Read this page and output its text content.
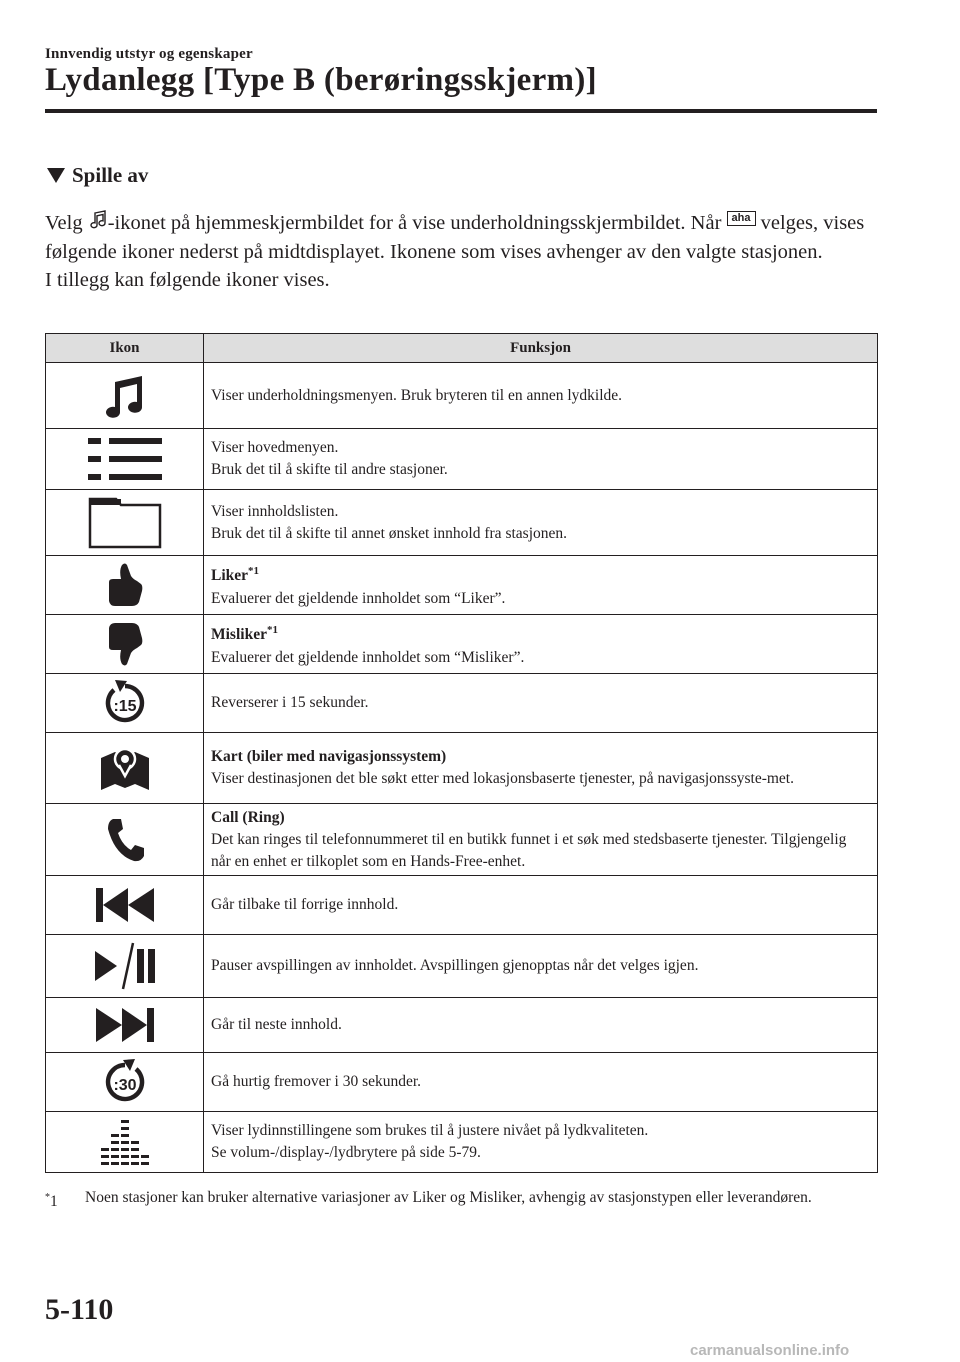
Innvendig utstyr og egenskaper
Lydanlegg [Type B (berøringsskjerm)]
Spille av

Velg -ikonet på hjemmeskjermbildet for å vise underholdningsskjermbildet. Når aha velges, vises følgende ikoner nederst på midtdisplayet. Ikonene som vises avhenger av den valgte stasjonen.

I tillegg kan følgende ikoner vises.

Ikon	Funksjon

Viser underholdningsmenyen. Bruk bryteren til en annen lydkilde.

Viser hovedmenyen.
Bruk det til å skifte til andre stasjoner.

Viser innholdslisten.
Bruk det til å skifte til annet ønsket innhold fra stasjonen.

Liker$^{*1}$
Evaluerer det gjeldende innholdet som “Liker”.

Misliker$^{*1}$
Evaluerer det gjeldende innholdet som “Misliker”.

:15	Reverserer i 15 sekunder.

Kart (biler med navigasjonssystem)
Viser destinasjonen det ble søkt etter med lokasjonsbaserte tjenester, på navigasjonssyste-met.

Call (Ring)
Det kan ringes til telefonnummeret til en butikk funnet i et søk med stedsbaserte tjenester. Tilgjengelig når en enhet er tilkoplet som en Hands-Free-enhet.

Går tilbake til forrige innhold.

Pauser avspillingen av innholdet. Avspillingen gjenopptas når det velges igjen.

Går til neste innhold.

:30	Gå hurtig fremover i 30 sekunder.

Viser lydinnstillingene som brukes til å justere nivået på lydkvaliteten.
Se volum-/display-/lydbrytere på side 5-79.
*1 Noen stasjoner kan bruker alternative variasjoner av Liker og Misliker, avhengig av stasjonstypen eller leverandøren.
5-110
carmanualsonline.info
